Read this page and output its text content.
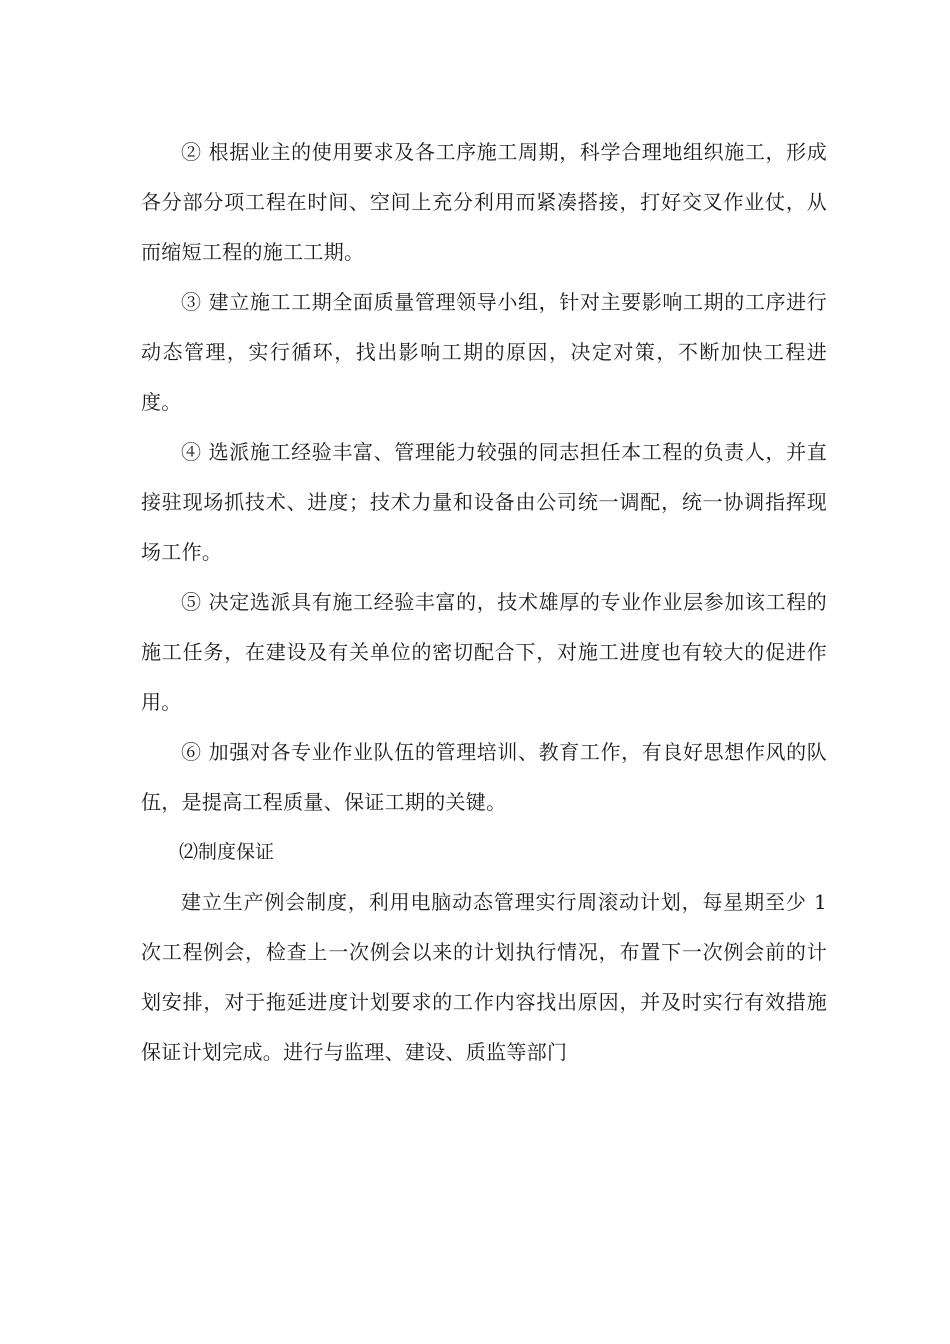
② 根据业主的使用要求及各工序施工周期，科学合理地组织施工，形成各分部分项工程在时间、空间上充分利用而紧凑搭接，打好交叉作业仗，从而缩短工程的施工工期。

③ 建立施工工期全面质量管理领导小组，针对主要影响工期的工序进行动态管理，实行循环，找出影响工期的原因，决定对策，不断加快工程进度。

④ 选派施工经验丰富、管理能力较强的同志担任本工程的负责人，并直接驻现场抓技术、进度；技术力量和设备由公司统一调配，统一协调指挥现场工作。

⑤ 决定选派具有施工经验丰富的，技术雄厚的专业作业层参加该工程的施工任务，在建设及有关单位的密切配合下，对施工进度也有较大的促进作用。

⑥ 加强对各专业作业队伍的管理培训、教育工作，有良好思想作风的队伍，是提高工程质量、保证工期的关键。

⑵制度保证

建立生产例会制度，利用电脑动态管理实行周滚动计划，每星期至少 1 次工程例会，检查上一次例会以来的计划执行情况，布置下一次例会前的计划安排，对于拖延进度计划要求的工作内容找出原因，并及时实行有效措施保证计划完成。进行与监理、建设、质监等部门
